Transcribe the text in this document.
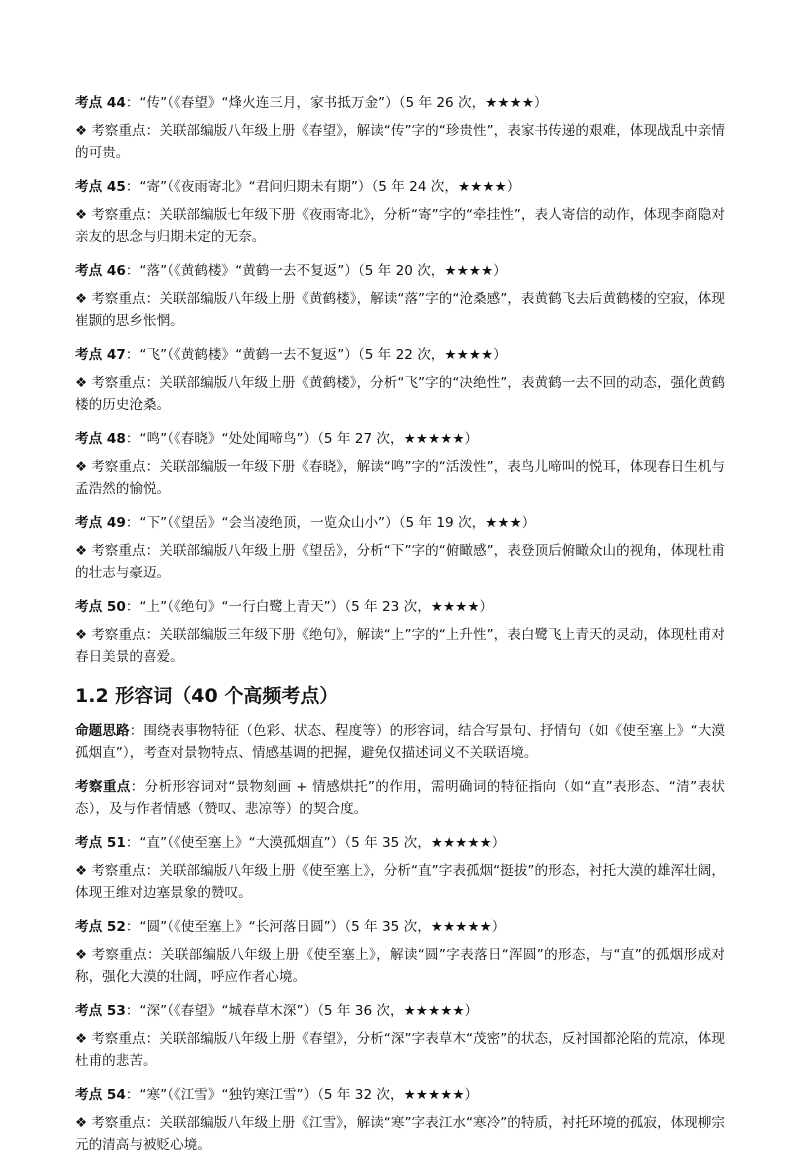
考点 44：“传”（《春望》“烽火连三月，家书抵万金”）（5 年 26 次，★★★★）
❖ 考察重点：关联部编版八年级上册《春望》，解读“传”字的“珍贵性”，表家书传递的艰难，体现战乱中亲情的可贵。
考点 45：“寄”（《夜雨寄北》“君问归期未有期”）（5 年 24 次，★★★★）
❖ 考察重点：关联部编版七年级下册《夜雨寄北》，分析“寄”字的“牵挂性”，表人寄信的动作，体现李商隐对亲友的思念与归期未定的无奈。
考点 46：“落”（《黄鹤楼》“黄鹤一去不复返”）（5 年 20 次，★★★★）
❖ 考察重点：关联部编版八年级上册《黄鹤楼》，解读“落”字的“沧桑感”，表黄鹤飞去后黄鹤楼的空寂，体现崔颢的思乡怅惘。
考点 47：“飞”（《黄鹤楼》“黄鹤一去不复返”）（5 年 22 次，★★★★）
❖ 考察重点：关联部编版八年级上册《黄鹤楼》，分析“飞”字的“决绝性”，表黄鹤一去不回的动态，强化黄鹤楼的历史沧桑。
考点 48：“鸣”（《春晓》“处处闻啼鸟”）（5 年 27 次，★★★★★）
❖ 考察重点：关联部编版一年级下册《春晓》，解读“鸣”字的“活泼性”，表鸟儿啼叫的悦耳，体现春日生机与孟浩然的愉悦。
考点 49：“下”（《望岳》“会当凌绝顶，一览众山小”）（5 年 19 次，★★★）
❖ 考察重点：关联部编版八年级上册《望岳》，分析“下”字的“俯瞰感”，表登顶后俯瞰众山的视角，体现杜甫的壮志与豪迈。
考点 50：“上”（《绝句》“一行白鹭上青天”）（5 年 23 次，★★★★）
❖ 考察重点：关联部编版三年级下册《绝句》，解读“上”字的“上升性”，表白鹭飞上青天的灵动，体现杜甫对春日美景的喜爱。
1.2 形容词（40 个高频考点）
命题思路：围绕表事物特征（色彩、状态、程度等）的形容词，结合写景句、抒情句（如《使至塞上》“大漠孤烟直”），考查对景物特点、情感基调的把握，避免仅描述词义不关联语境。
考察重点：分析形容词对“景物刻画 + 情感烘托”的作用，需明确词的特征指向（如“直”表形态、“清”表状态），及与作者情感（赞叹、悲凉等）的契合度。
考点 51：“直”（《使至塞上》“大漠孤烟直”）（5 年 35 次，★★★★★）
❖ 考察重点：关联部编版八年级上册《使至塞上》，分析“直”字表孤烟“挺拔”的形态，衬托大漠的雄浑壮阔，体现王维对边塞景象的赞叹。
考点 52：“圆”（《使至塞上》“长河落日圆”）（5 年 35 次，★★★★★）
❖ 考察重点：关联部编版八年级上册《使至塞上》，解读“圆”字表落日“浑圆”的形态，与“直”的孤烟形成对称，强化大漠的壮阔，呼应作者心境。
考点 53：“深”（《春望》“城春草木深”）（5 年 36 次，★★★★★）
❖ 考察重点：关联部编版八年级上册《春望》，分析“深”字表草木“茂密”的状态，反衬国都沦陷的荒凉，体现杜甫的悲苦。
考点 54：“寒”（《江雪》“独钓寒江雪”）（5 年 32 次，★★★★★）
❖ 考察重点：关联部编版八年级上册《江雪》，解读“寒”字表江水“寒冷”的特质，衬托环境的孤寂，体现柳宗元的清高与被贬心境。
